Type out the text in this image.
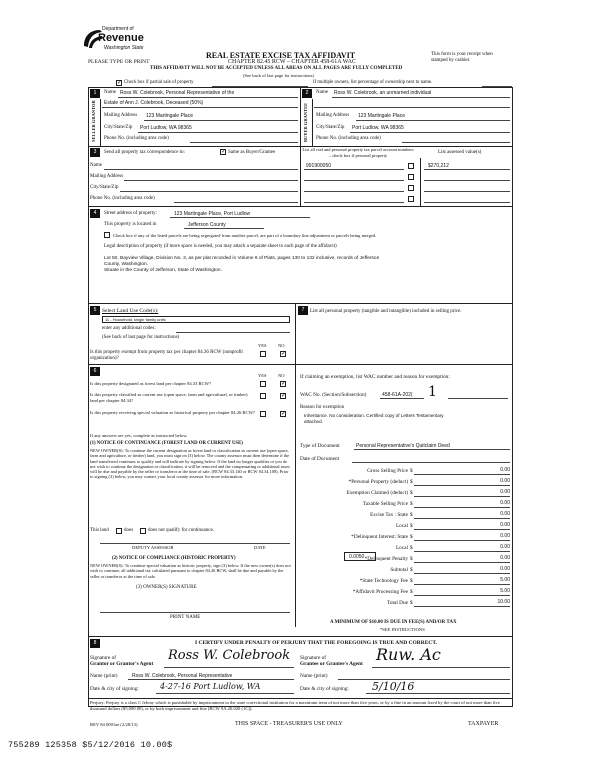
Department of
Revenue
Washington State
REAL ESTATE EXCISE TAX AFFIDAVIT
CHAPTER 82.45 RCW – CHAPTER 458-61A WAC
THIS AFFIDAVIT WILL NOT BE ACCEPTED UNLESS ALL AREAS ON ALL PAGES ARE FULLY COMPLETED
(See back of last page for instructions)
PLEASE TYPE OR PRINT
This form is your receipt when stamped by cashier.
✓ Check box if partial sale of property	If multiple owners, list percentage of ownership next to name.
1
SELLER GRANTOR
Name Ross W. Colebrook, Personal Representative of the
Estate of Ann J. Colebrook, Deceased (50%)
Mailing Address 123 Martingale Place
City/State/Zip Port Ludlow, WA 98365
Phone No. (including area code)
2
BUYER GRANTEE
Name Ross W. Colebrook, an unmarried individual
Mailing Address 123 Martingale Place
City/State/Zip Port Ludlow, WA 98365
Phone No. (including area code)
3	Send all property tax correspondence to:	✓ Same as Buyer/Grantee
List all real and personal property tax parcel account numbers – check box if personal property	List assessed value(s)
Name
Mailing Address
City/State/Zip
Phone No. (including area code)
991900050	$270,212
4	Street address of property:	123 Martingale Place, Port Ludlow
This property is located in	Jefferson County
Check box if any of the listed parcels are being segregated from another parcel, are part of a boundary line adjustment or parcels being merged.
Legal description of property (if more space is needed, you may attach a separate sheet to each page of the affidavit)
Lot 50, Bayview Village, Division No. 3, as per plat recorded in Volume 6 of Plats, pages 130 to 132 inclusive, records of Jefferson
County, Washington.
Situate in the County of Jefferson, State of Washington.
5	Select Land Use Code(s):
11 - Household, single family units
enter any additional codes:
(See back of last page for instructions)
YES	NO
Is this property exempt from property tax per chapter 84.36 RCW (nonprofit organization)?
✓
7	List all personal property (tangible and intangible) included in selling price.
6
YES	NO
Is this property designated as forest land per chapter 84.33 RCW?	✓
Is this property classified as current use (open space, farm and agricultural, or timber) land per chapter 84.34?
✓
Is this property receiving special valuation as historical property per chapter 84.26 RCW?	✓
If any answers are yes, complete as instructed below.
(1) NOTICE OF CONTINUANCE (FOREST LAND OR CURRENT USE)
NEW OWNER(S): To continue the current designation as forest land or classification as current use (open space, farm and agriculture, or timber) land, you must sign on (3) below. The county assessor must then determine if the land transferred continues to qualify and will indicate by signing below. If the land no longer qualifies or you do not wish to continue the designation or classification, it will be removed and the compensating or additional taxes will be due and payable by the seller or transferor at the time of sale. (RCW 84.33.140 or RCW 84.34.108). Prior to signing (3) below, you may contact your local county assessor for more information.
This land	does	does not qualify for continuance.
DEPUTY ASSESSOR	DATE
(2) NOTICE OF COMPLIANCE (HISTORIC PROPERTY)
NEW OWNER(S): To continue special valuation as historic property, sign (3) below. If the new owner(s) does not wish to continue, all additional tax calculated pursuant to chapter 84.26 RCW, shall be due and payable by the seller or transferor at the time of sale.
(3) OWNER(S) SIGNATURE
PRINT NAME
If claiming an exemption, list WAC number and reason for exemption:
WAC No. (Section/Subsection)	458-61A-202( 1
Reason for exemption
Inheritance. No consideration. Certified copy of Letters Testamentary
attached.
Type of Document	Personal Representative's Quitclaim Deed
Date of Document
Gross Selling Price $	0.00
*Personal Property (deduct) $	0.00
Exemption Claimed (deduct) $	0.00
Taxable Selling Price $	0.00
Excise Tax : State $	0.00
Local $	0.00
*Delinquent Interest: State $	0.00
Local $	0.00
*Delinquent Penalty $	0.00
Subtotal $	0.00
*State Technology Fee $	5.00
*Affidavit Processing Fee $	5.00
Total Due $	10.00
0.0050
A MINIMUM OF $10.00 IS DUE IN FEE(S) AND/OR TAX
*SEE INSTRUCTIONS
8	I CERTIFY UNDER PENALTY OF PERJURY THAT THE FOREGOING IS TRUE AND CORRECT.
Signature of
Grantor or Grantor's Agent
Ross W. Colebrook Signature of
Grantee or Grantee's Agent Ruw. Ac
Name (print)	Ross W. Colebrook, Personal Representative	Name (print)
Date & city of signing:	4-27-16 Port Ludlow, WA	Date & city of signing: 5/10/16
Perjury: Perjury is a class C felony which is punishable by imprisonment in the state correctional institution for a maximum term of not more than five years, or by a fine in an amount fixed by the court of not more than five thousand dollars ($5,000.00), or by both imprisonment and fine (RCW 9A.20.020 (1C)).
REV 84 0001ae (2/28/13)	THIS SPACE - TREASURER'S USE ONLY	TAXPAYER
755289 125358 $5/12/2016 10.00$
